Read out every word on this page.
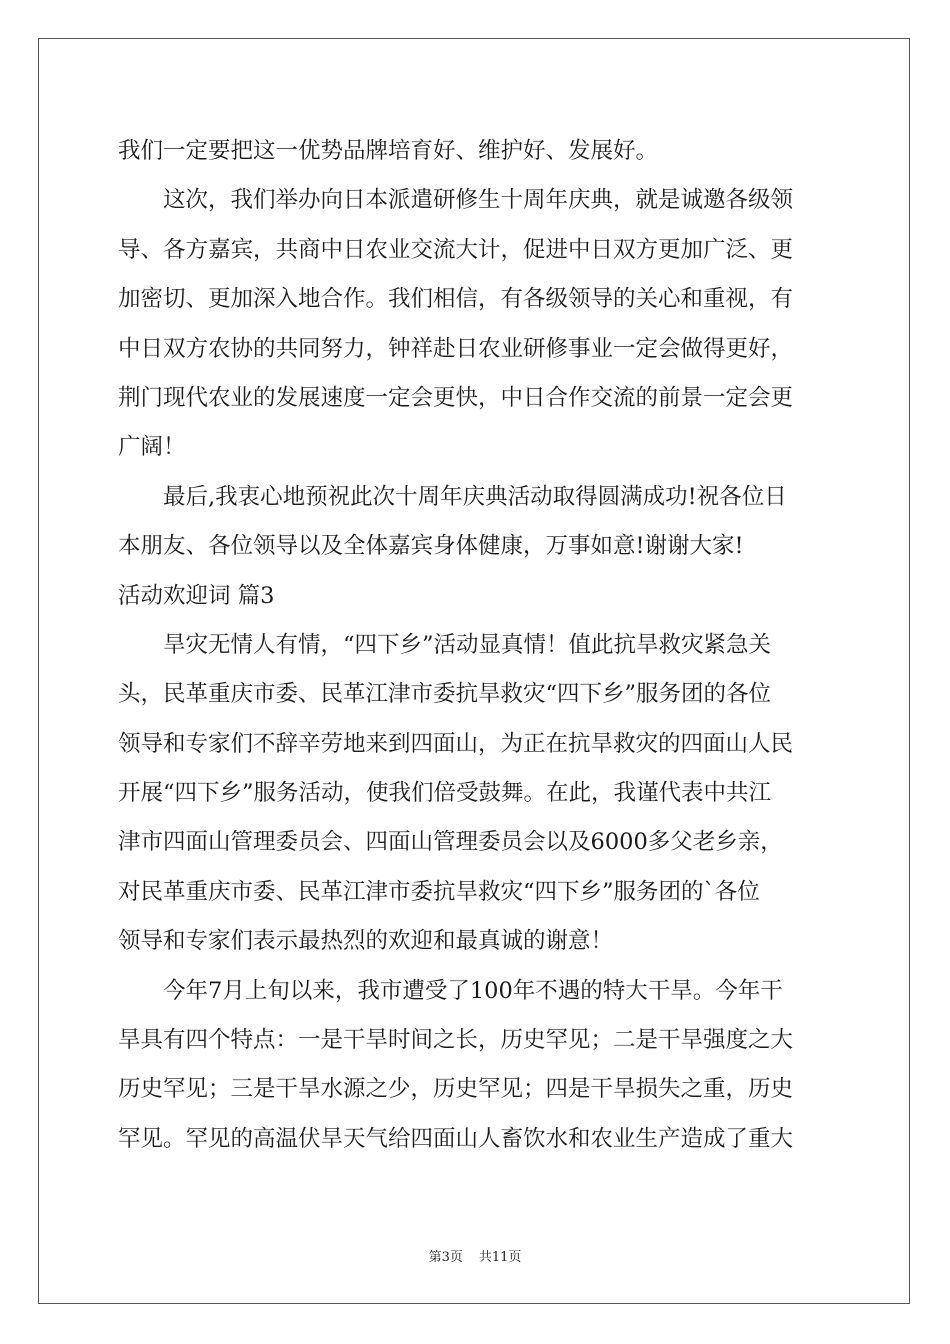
我们一定要把这一优势品牌培育好、维护好、发展好。
这次，我们举办向日本派遣研修生十周年庆典，就是诚邀各级领
导、各方嘉宾，共商中日农业交流大计，促进中日双方更加广泛、更
加密切、更加深入地合作。我们相信，有各级领导的关心和重视，有
中日双方农协的共同努力，钟祥赴日农业研修事业一定会做得更好，
荆门现代农业的发展速度一定会更快，中日合作交流的前景一定会更
广阔！
最后,我衷心地预祝此次十周年庆典活动取得圆满成功!祝各位日
本朋友、各位领导以及全体嘉宾身体健康，万事如意!谢谢大家!
活动欢迎词 篇3
旱灾无情人有情，“四下乡”活动显真情！值此抗旱救灾紧急关
头，民革重庆市委、民革江津市委抗旱救灾“四下乡”服务团的各位
领导和专家们不辞辛劳地来到四面山，为正在抗旱救灾的四面山人民
开展“四下乡”服务活动，使我们倍受鼓舞。在此，我谨代表中共江
津市四面山管理委员会、四面山管理委员会以及6000多父老乡亲，
对民革重庆市委、民革江津市委抗旱救灾“四下乡”服务团的`各位
领导和专家们表示最热烈的欢迎和最真诚的谢意！
今年7月上旬以来，我市遭受了100年不遇的特大干旱。今年干
旱具有四个特点：一是干旱时间之长，历史罕见；二是干旱强度之大
历史罕见；三是干旱水源之少，历史罕见；四是干旱损失之重，历史
罕见。罕见的高温伏旱天气给四面山人畜饮水和农业生产造成了重大
第3页 共11页
